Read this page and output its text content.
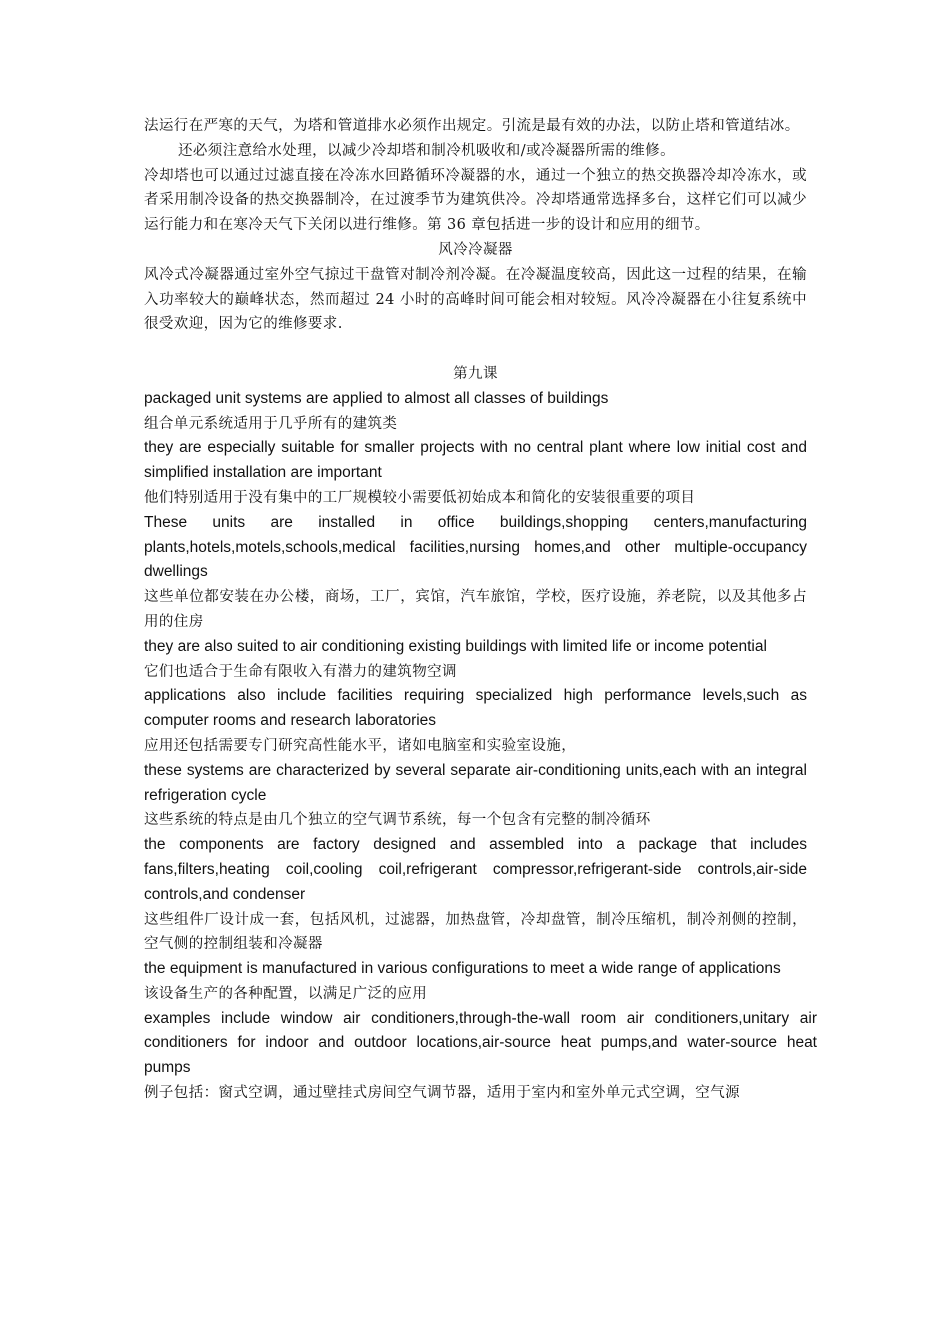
法运行在严寒的天气，为塔和管道排水必须作出规定。引流是最有效的办法，以防止塔和管道结冰。

还必须注意给水处理，以减少冷却塔和制冷机吸收和/或冷凝器所需的维修。

冷却塔也可以通过过滤直接在冷冻水回路循环冷凝器的水，通过一个独立的热交换器冷却冷冻水，或者采用制冷设备的热交换器制冷，在过渡季节为建筑供冷。冷却塔通常选择多台，这样它们可以减少运行能力和在寒冷天气下关闭以进行维修。第 36 章包括进一步的设计和应用的细节。

风冷冷凝器

风冷式冷凝器通过室外空气掠过干盘管对制冷剂冷凝。在冷凝温度较高，因此这一过程的结果，在输入功率较大的巅峰状态，然而超过 24 小时的高峰时间可能会相对较短。风冷冷凝器在小往复系统中很受欢迎，因为它的维修要求.

第九课

packaged unit systems are applied to almost all classes of buildings

组合单元系统适用于几乎所有的建筑类

they are especially suitable for smaller projects with no central plant where low initial cost and simplified installation are important

他们特别适用于没有集中的工厂规模较小需要低初始成本和简化的安装很重要的项目

These units are installed in office buildings,shopping centers,manufacturing plants,hotels,motels,schools,medical facilities,nursing homes,and other multiple-occupancy dwellings

这些单位都安装在办公楼，商场，工厂，宾馆，汽车旅馆，学校，医疗设施，养老院，以及其他多占用的住房

they are also suited to air conditioning existing buildings with limited life or income potential

它们也适合于生命有限收入有潜力的建筑物空调

applications also include facilities requiring specialized high performance levels,such as computer rooms and research laboratories

应用还包括需要专门研究高性能水平，诸如电脑室和实验室设施，

these systems are characterized by several separate air-conditioning units,each with an integral refrigeration cycle

这些系统的特点是由几个独立的空气调节系统，每一个包含有完整的制冷循环

the components are factory designed and assembled into a package that includes fans,filters,heating coil,cooling coil,refrigerant compressor,refrigerant-side controls,air-side controls,and condenser

这些组件厂设计成一套，包括风机，过滤器，加热盘管，冷却盘管，制冷压缩机，制冷剂侧的控制，空气侧的控制组装和冷凝器

the equipment is manufactured in various configurations to meet a wide range of applications

该设备生产的各种配置，以满足广泛的应用

examples include window air conditioners,through-the-wall room air conditioners,unitary air conditioners for indoor and outdoor locations,air-source heat pumps,and water-source heat pumps

例子包括：窗式空调，通过壁挂式房间空气调节器，适用于室内和室外单元式空调，空气源
